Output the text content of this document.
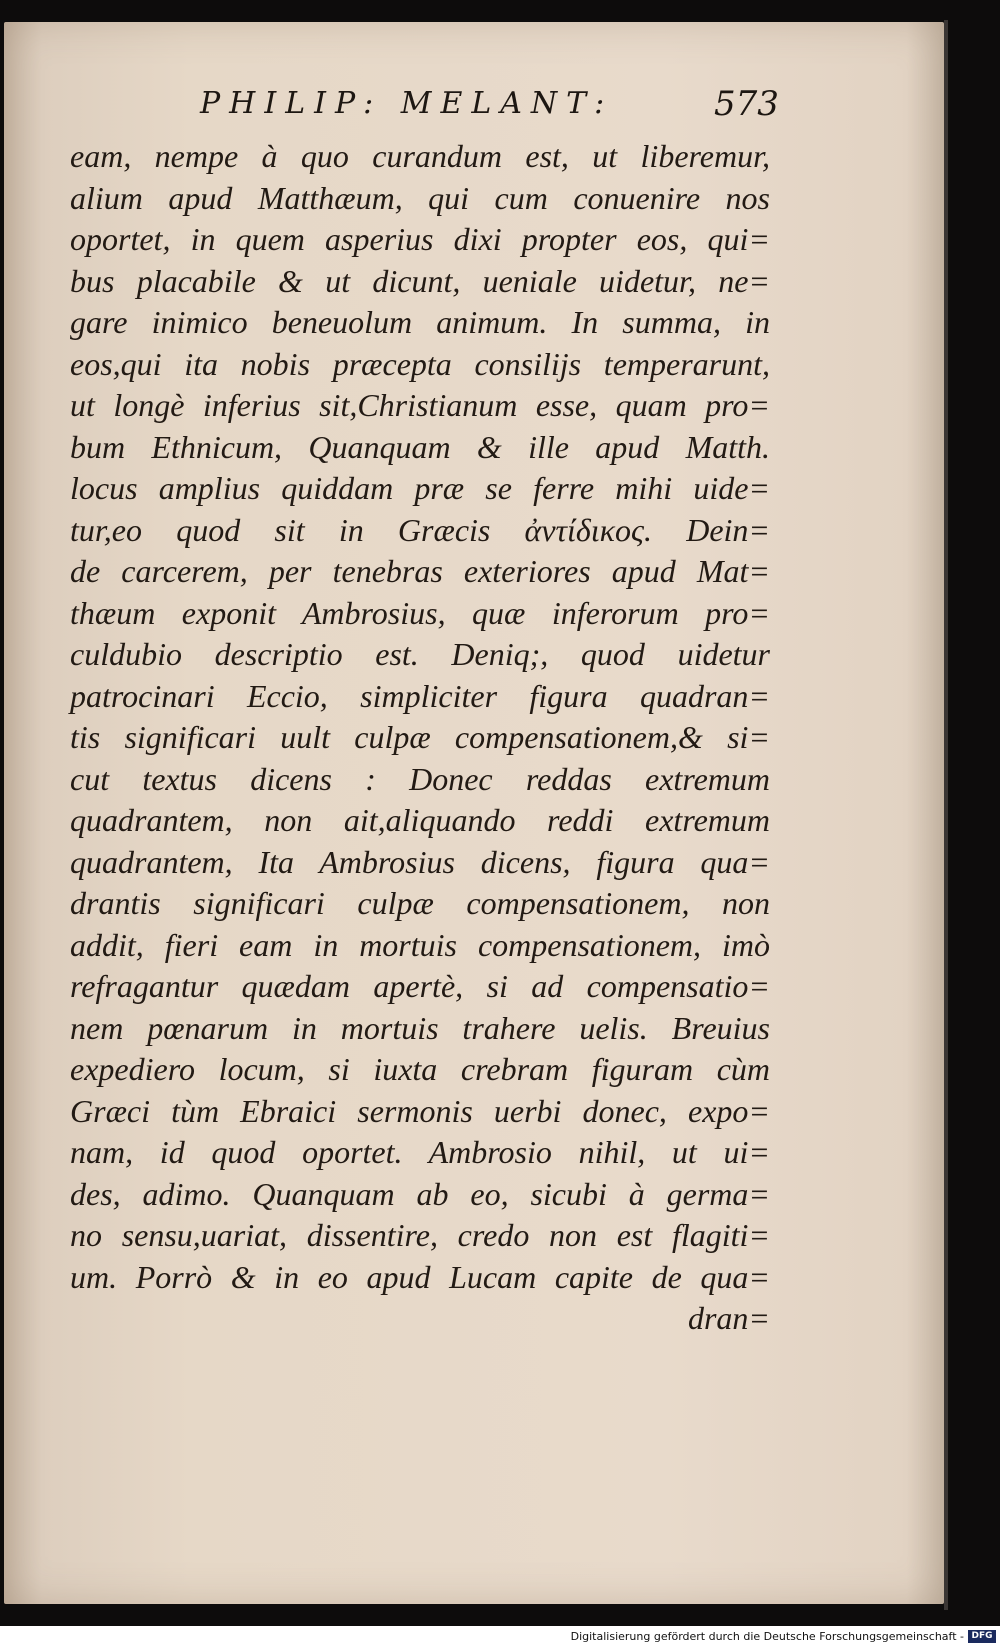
PHILIP: MELANT:	573
eam, nempe à quo curandum est, ut liberemur,
alium apud Matthæum, qui cum conuenire nos
oportet, in quem asperius dixi propter eos, qui=
bus placabile & ut dicunt, ueniale uidetur, ne=
gare inimico beneuolum animum. In summa, in
eos,qui ita nobis præcepta consilijs temperarunt,
ut longè inferius sit,Christianum esse, quam pro=
bum Ethnicum, Quanquam & ille apud Matth.
locus amplius quiddam præ se ferre mihi uide=
tur,eo quod sit in Græcis ἀντίδικος. Dein=
de carcerem, per tenebras exteriores apud Mat=
thæum exponit Ambrosius, quæ inferorum pro=
culdubio descriptio est. Deniq;, quod uidetur
patrocinari Eccio, simpliciter figura quadran=
tis significari uult culpæ compensationem,& si=
cut textus dicens : Donec reddas extremum
quadrantem, non ait,aliquando reddi extremum
quadrantem, Ita Ambrosius dicens, figura qua=
drantis significari culpæ compensationem, non
addit, fieri eam in mortuis compensationem, imò
refragantur quædam apertè, si ad compensatio=
nem pœnarum in mortuis trahere uelis. Breuius
expediero locum, si iuxta crebram figuram cùm
Græci tùm Ebraici sermonis uerbi donec, expo=
nam, id quod oportet. Ambrosio nihil, ut ui=
des, adimo. Quanquam ab eo, sicubi à germa=
no sensu,uariat, dissentire, credo non est flagiti=
um. Porrò & in eo apud Lucam capite de qua=
dran=
Digitalisierung gefördert durch die Deutsche Forschungsgemeinschaft - DFG
